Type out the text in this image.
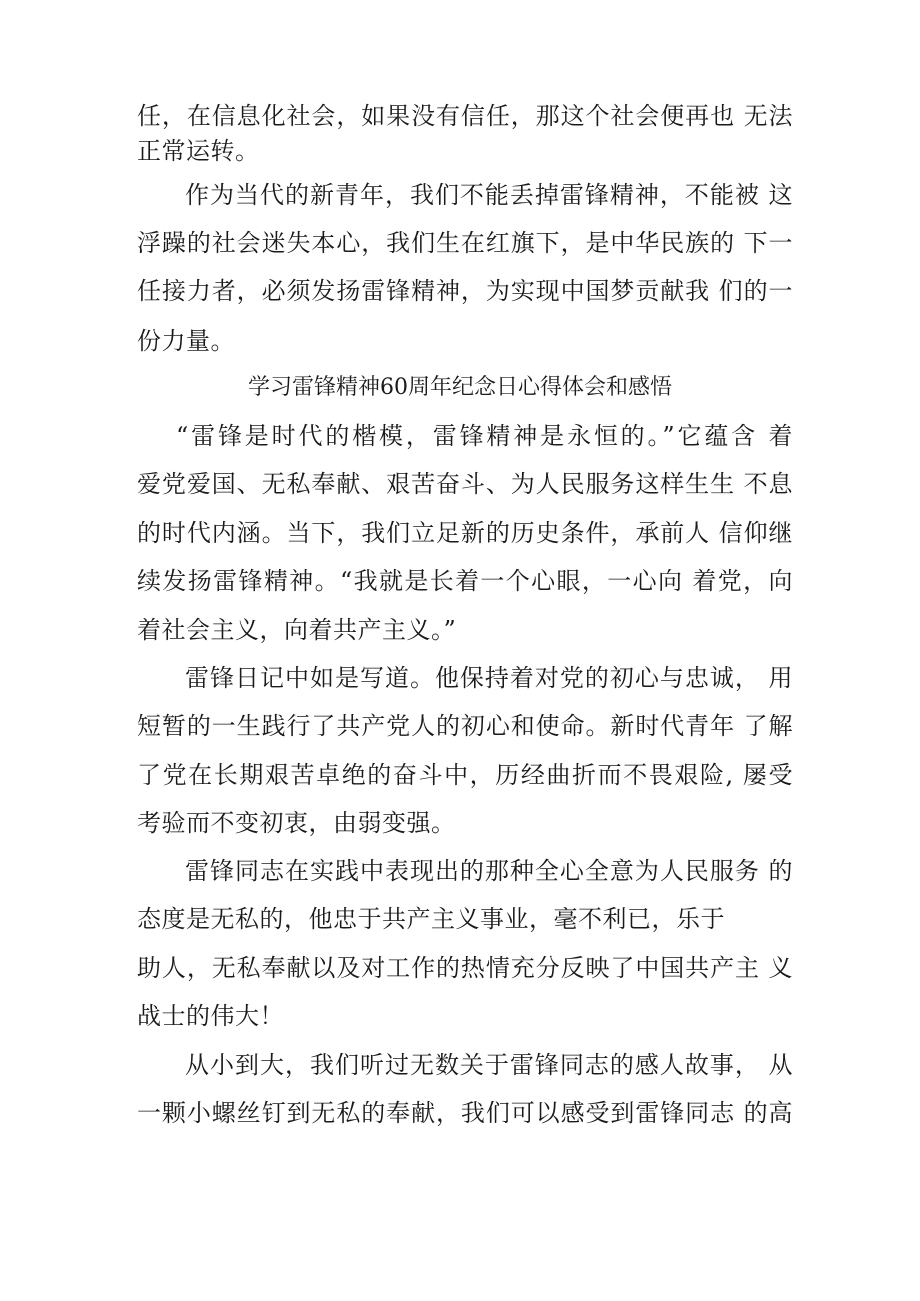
任，在信息化社会，如果没有信任，那这个社会便再也 无法
正常运转。
作为当代的新青年，我们不能丢掉雷锋精神，不能被 这
浮躁的社会迷失本心，我们生在红旗下，是中华民族的 下一
任接力者，必须发扬雷锋精神，为实现中国梦贡献我 们的一
份力量。
学习雷锋精神60周年纪念日心得体会和感悟
“雷锋是时代的楷模，雷锋精神是永恒的。”它蕴含 着
爱党爱国、无私奉献、艰苦奋斗、为人民服务这样生生 不息
的时代内涵。当下，我们立足新的历史条件，承前人 信仰继
续发扬雷锋精神。“我就是长着一个心眼，一心向 着党，向
着社会主义，向着共产主义。”
雷锋日记中如是写道。他保持着对党的初心与忠诚， 用
短暂的一生践行了共产党人的初心和使命。新时代青年 了解
了党在长期艰苦卓绝的奋斗中，历经曲折而不畏艰险, 屡受
考验而不变初衷，由弱变强。
雷锋同志在实践中表现出的那种全心全意为人民服务 的
态度是无私的，他忠于共产主义事业，毫不利已，乐于
助人，无私奉献以及对工作的热情充分反映了中国共产主 义
战士的伟大！
从小到大，我们听过无数关于雷锋同志的感人故事， 从
一颗小螺丝钉到无私的奉献，我们可以感受到雷锋同志 的高
